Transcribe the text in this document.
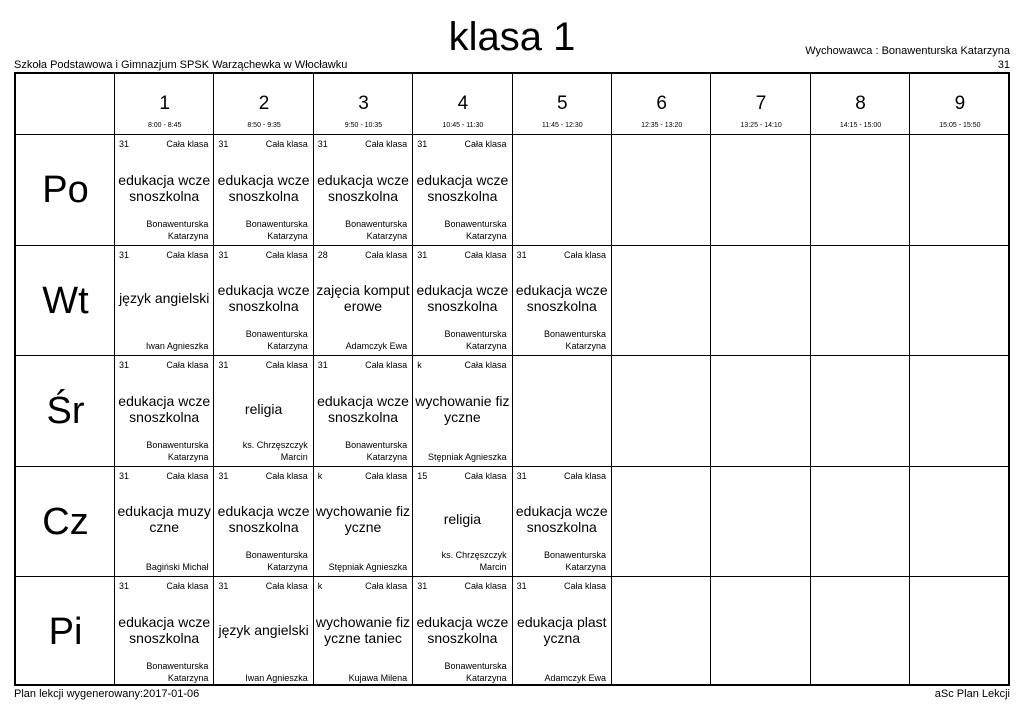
klasa 1
Szkoła Podstawowa i Gimnazjum SPSK Warząchewka w Włocławku
Wychowawca : Bonawenturska Katarzyna
31
1
8:00 - 8:45
2
8:50 - 9:35
3
9:50 - 10:35
4
10:45 - 11:30
5
11:45 - 12:30
6
12:35 - 13:20
7
13:25 - 14:10
8
14:15 - 15:00
9
15:05 - 15:50
Po
31	Cała klasa
edukacja wczesnoszkolna
Bonawenturska Katarzyna
31	Cała klasa
edukacja wczesnoszkolna
Bonawenturska Katarzyna
31	Cała klasa
edukacja wczesnoszkolna
Bonawenturska Katarzyna
31	Cała klasa
edukacja wczesnoszkolna
Bonawenturska Katarzyna
Wt
31	Cała klasa
język angielski
Iwan Agnieszka
31	Cała klasa
edukacja wczesnoszkolna
Bonawenturska Katarzyna
28	Cała klasa
zajęcia komputerowe
Adamczyk Ewa
31	Cała klasa
edukacja wczesnoszkolna
Bonawenturska Katarzyna
31	Cała klasa
edukacja wczesnoszkolna
Bonawenturska Katarzyna
Śr
31	Cała klasa
edukacja wczesnoszkolna
Bonawenturska Katarzyna
31	Cała klasa
religia
ks. Chrzęszczyk Marcin
31	Cała klasa
edukacja wczesnoszkolna
Bonawenturska Katarzyna
k	Cała klasa
wychowanie fizyczne
Stępniak Agnieszka
Cz
31	Cała klasa
edukacja muzyczne
Bagiński Michał
31	Cała klasa
edukacja wczesnoszkolna
Bonawenturska Katarzyna
k	Cała klasa
wychowanie fizyczne
Stępniak Agnieszka
15	Cała klasa
religia
ks. Chrzęszczyk Marcin
31	Cała klasa
edukacja wczesnoszkolna
Bonawenturska Katarzyna
Pi
31	Cała klasa
edukacja wczesnoszkolna
Bonawenturska Katarzyna
31	Cała klasa
język angielski
Iwan Agnieszka
k	Cała klasa
wychowanie fizyczne taniec
Kujawa Milena
31	Cała klasa
edukacja wczesnoszkolna
Bonawenturska Katarzyna
31	Cała klasa
edukacja plastyczna
Adamczyk Ewa
Plan lekcji wygenerowany:2017-01-06	aSc Plan Lekcji
